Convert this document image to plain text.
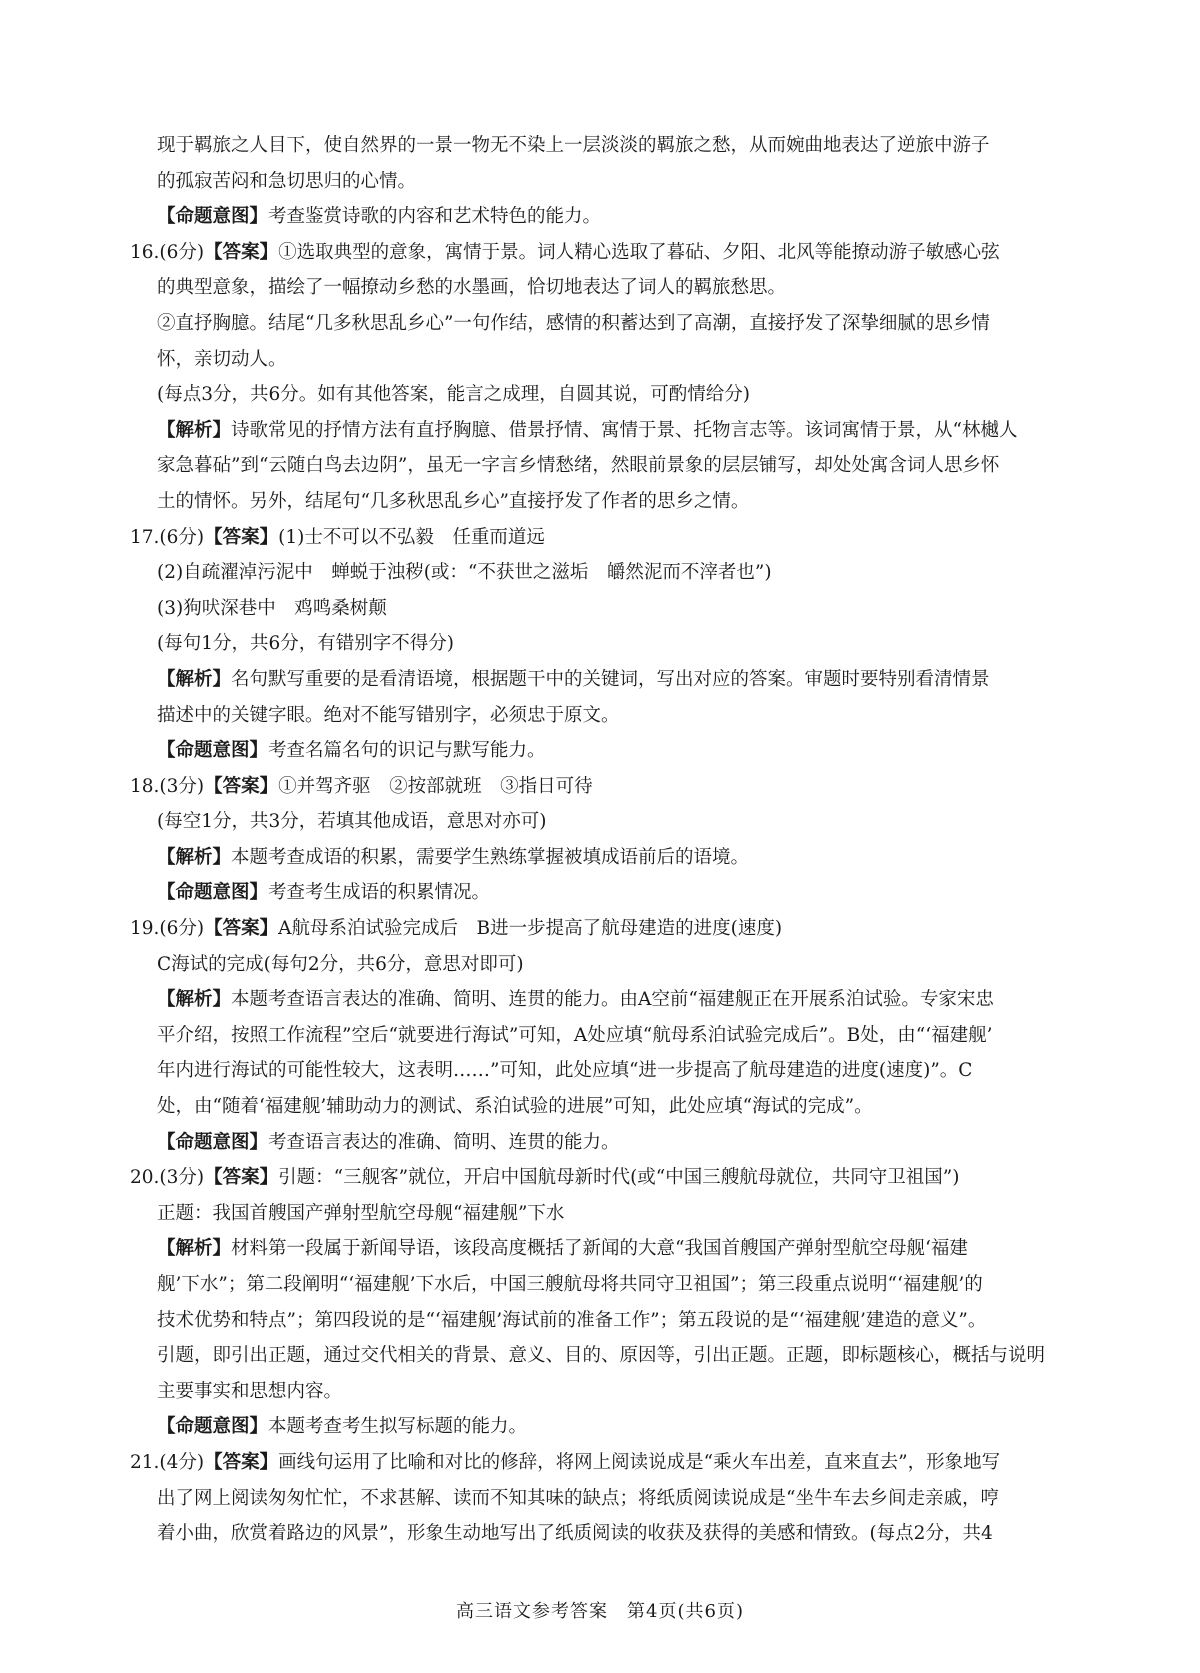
现于羁旅之人目下，使自然界的一景一物无不染上一层淡淡的羁旅之愁，从而婉曲地表达了逆旅中游子
的孤寂苦闷和急切思归的心情。
【命题意图】考查鉴赏诗歌的内容和艺术特色的能力。
16.(6分)【答案】①选取典型的意象，寓情于景。词人精心选取了暮砧、夕阳、北风等能撩动游子敏感心弦
的典型意象，描绘了一幅撩动乡愁的水墨画，恰切地表达了词人的羁旅愁思。
②直抒胸臆。结尾“几多秋思乱乡心”一句作结，感情的积蓄达到了高潮，直接抒发了深挚细腻的思乡情
怀，亲切动人。
(每点3分，共6分。如有其他答案，能言之成理，自圆其说，可酌情给分)
【解析】诗歌常见的抒情方法有直抒胸臆、借景抒情、寓情于景、托物言志等。该词寓情于景，从“林樾人
家急暮砧”到“云随白鸟去边阴”，虽无一字言乡情愁绪，然眼前景象的层层铺写，却处处寓含词人思乡怀
土的情怀。另外，结尾句“几多秋思乱乡心”直接抒发了作者的思乡之情。
17.(6分)【答案】(1)士不可以不弘毅　任重而道远
(2)自疏濯淖污泥中　蝉蜕于浊秽(或：“不获世之滋垢　皭然泥而不滓者也”)
(3)狗吠深巷中　鸡鸣桑树颠
(每句1分，共6分，有错别字不得分)
【解析】名句默写重要的是看清语境，根据题干中的关键词，写出对应的答案。审题时要特别看清情景
描述中的关键字眼。绝对不能写错别字，必须忠于原文。
【命题意图】考查名篇名句的识记与默写能力。
18.(3分)【答案】①并驾齐驱　②按部就班　③指日可待
(每空1分，共3分，若填其他成语，意思对亦可)
【解析】本题考查成语的积累，需要学生熟练掌握被填成语前后的语境。
【命题意图】考查考生成语的积累情况。
19.(6分)【答案】A航母系泊试验完成后　B进一步提高了航母建造的进度(速度)
C海试的完成(每句2分，共6分，意思对即可)
【解析】本题考查语言表达的准确、简明、连贯的能力。由A空前“福建舰正在开展系泊试验。专家宋忠
平介绍，按照工作流程”空后“就要进行海试”可知，A处应填“航母系泊试验完成后”。B处，由“‘福建舰’
年内进行海试的可能性较大，这表明……”可知，此处应填“进一步提高了航母建造的进度(速度)”。C
处，由“随着‘福建舰’辅助动力的测试、系泊试验的进展”可知，此处应填“海试的完成”。
【命题意图】考查语言表达的准确、简明、连贯的能力。
20.(3分)【答案】引题：“三舰客”就位，开启中国航母新时代(或“中国三艘航母就位，共同守卫祖国”)
正题：我国首艘国产弹射型航空母舰“福建舰”下水
【解析】材料第一段属于新闻导语，该段高度概括了新闻的大意“我国首艘国产弹射型航空母舰‘福建
舰’下水”；第二段阐明“‘福建舰’下水后，中国三艘航母将共同守卫祖国”；第三段重点说明“‘福建舰’的
技术优势和特点”；第四段说的是“‘福建舰’海试前的准备工作”；第五段说的是“‘福建舰’建造的意义”。
引题，即引出正题，通过交代相关的背景、意义、目的、原因等，引出正题。正题，即标题核心，概括与说明
主要事实和思想内容。
【命题意图】本题考查考生拟写标题的能力。
21.(4分)【答案】画线句运用了比喻和对比的修辞，将网上阅读说成是“乘火车出差，直来直去”，形象地写
出了网上阅读匆匆忙忙，不求甚解、读而不知其味的缺点；将纸质阅读说成是“坐牛车去乡间走亲戚，哼
着小曲，欣赏着路边的风景”，形象生动地写出了纸质阅读的收获及获得的美感和情致。(每点2分，共4
高三语文参考答案　第4页(共6页)
